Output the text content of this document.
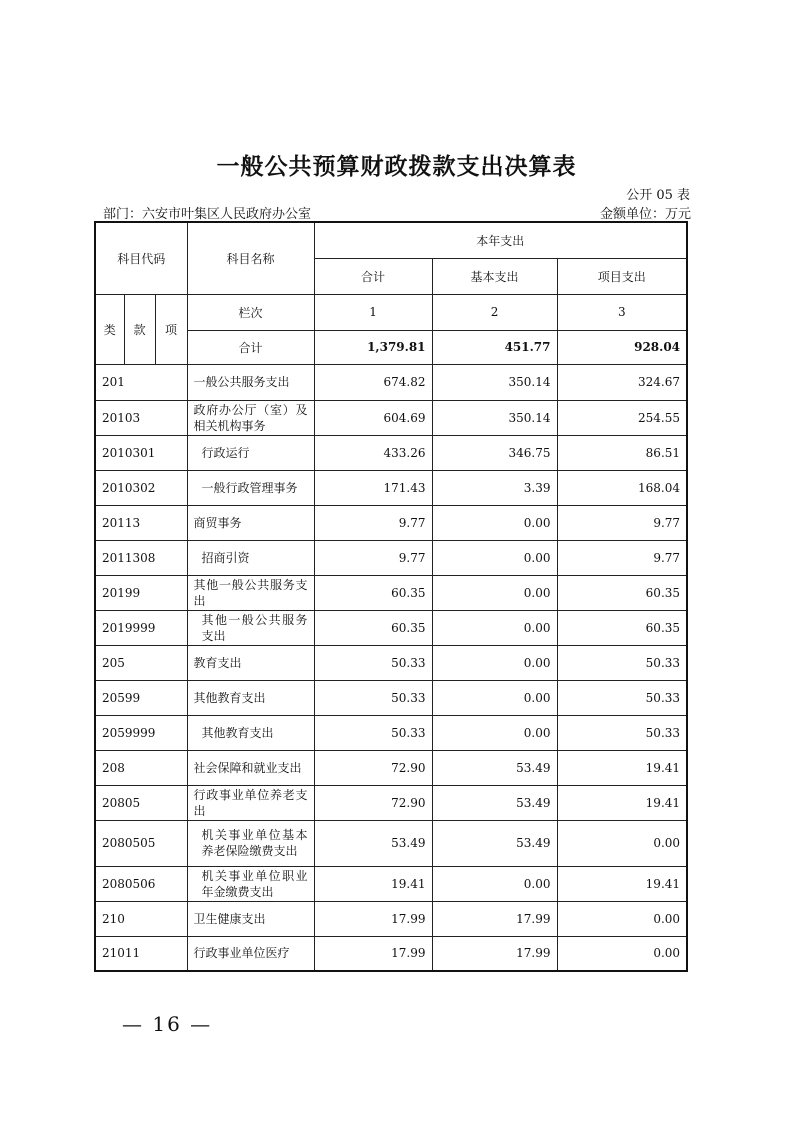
一般公共预算财政拨款支出决算表
公开 05 表
部门：六安市叶集区人民政府办公室	金额单位：万元
科目代码			科目名称	本年支出		
				合计	基本支出	项目支出
类	款	项	栏次	1	2	3
			合计	1,379.81	451.77	928.04
201			一般公共服务支出	674.82	350.14	324.67
20103			政府办公厅（室）及相关机构事务	604.69	350.14	254.55
2010301			行政运行	433.26	346.75	86.51
2010302			一般行政管理事务	171.43	3.39	168.04
20113			商贸事务	9.77	0.00	9.77
2011308			招商引资	9.77	0.00	9.77
20199			其他一般公共服务支出	60.35	0.00	60.35
2019999			其他一般公共服务支出	60.35	0.00	60.35
205			教育支出	50.33	0.00	50.33
20599			其他教育支出	50.33	0.00	50.33
2059999			其他教育支出	50.33	0.00	50.33
208			社会保障和就业支出	72.90	53.49	19.41
20805			行政事业单位养老支出	72.90	53.49	19.41
2080505			机关事业单位基本养老保险缴费支出	53.49	53.49	0.00
2080506			机关事业单位职业年金缴费支出	19.41	0.00	19.41
210			卫生健康支出	17.99	17.99	0.00
21011			行政事业单位医疗	17.99	17.99	0.00
— 16 —
